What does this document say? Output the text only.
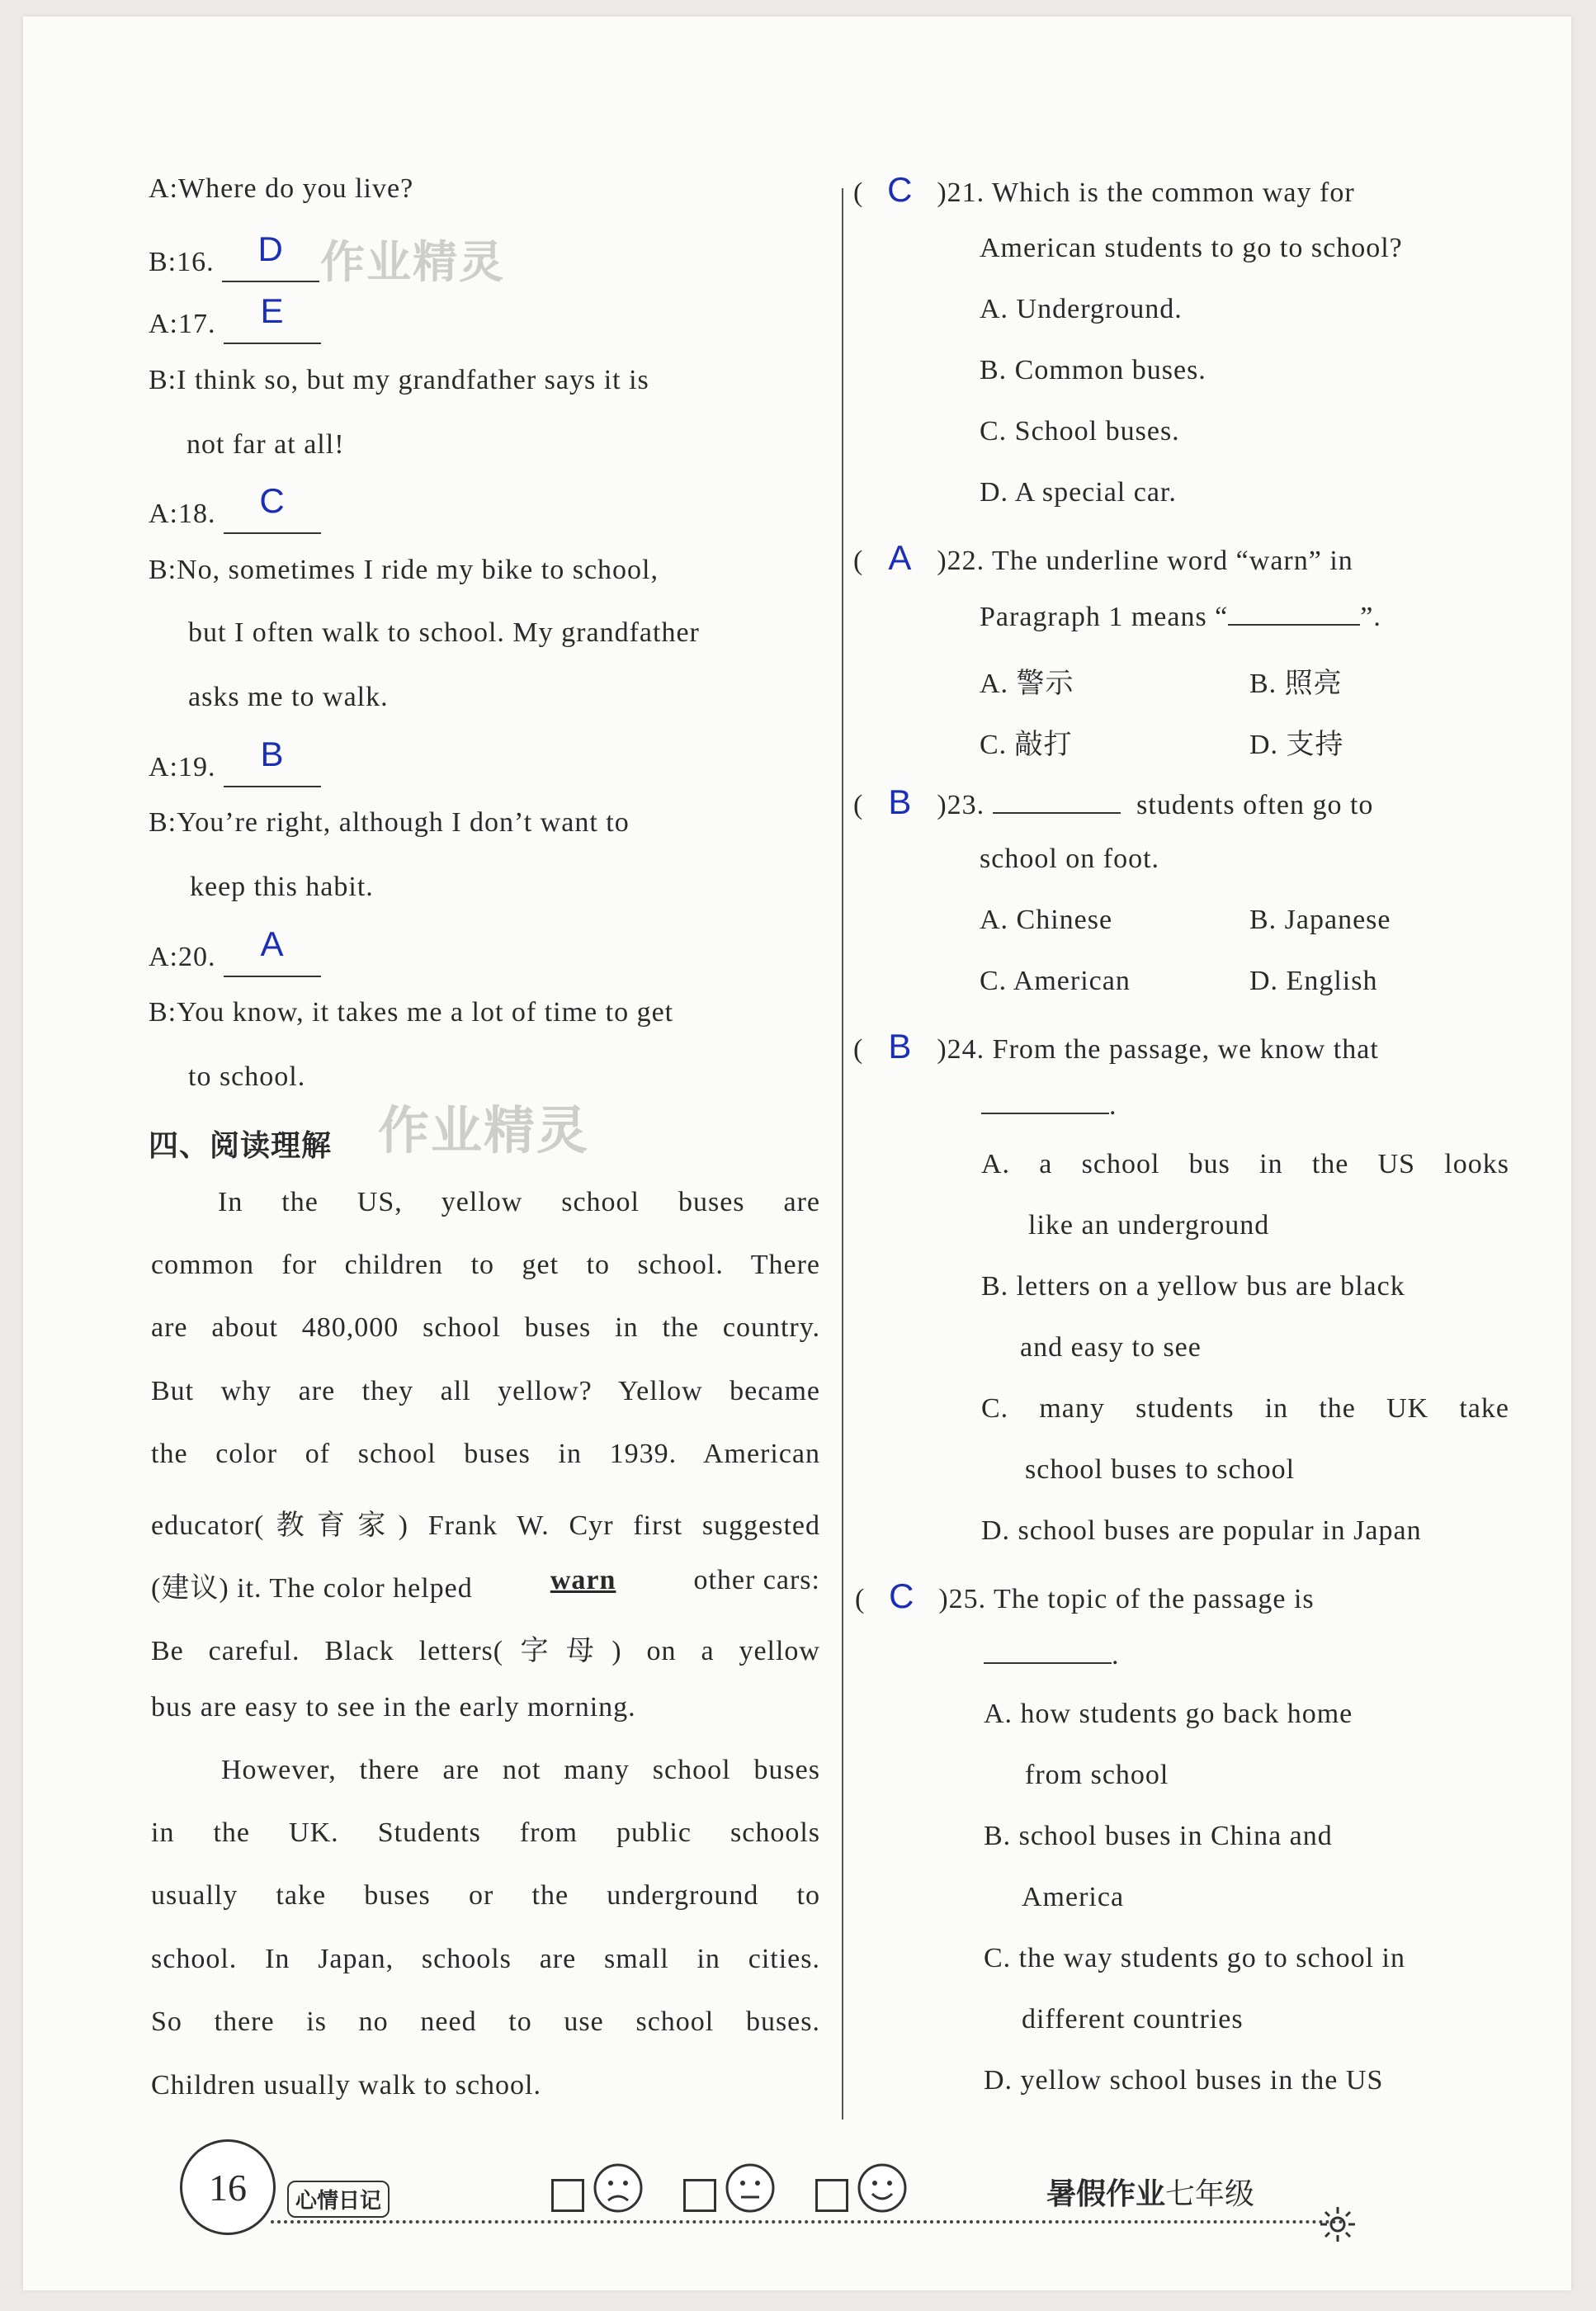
A:Where do you live?
B:16. D 作业精灵
A:17. E
B:I think so, but my grandfather says it is
not far at all!
A:18. C
B:No, sometimes I ride my bike to school,
but I often walk to school. My grandfather
asks me to walk.
A:19. B
B:You’re right, although I don’t want to
keep this habit.
A:20. A
B:You know, it takes me a lot of time to get
to school.
四、阅读理解 作业精灵
In the US, yellow school buses are
common for children to get to school. There
are about 480,000 school buses in the country.
But why are they all yellow? Yellow became
the color of school buses in 1939. American
educator(教育家) Frank W. Cyr first suggested
(建议) it. The color helped	warn	other cars:
Be careful. Black letters(字母) on a yellow
bus are easy to see in the early morning.
However, there are not many school buses
in the UK. Students from public schools
usually take buses or the underground to
school. In Japan, schools are small in cities.
So there is no need to use school buses.
Children usually walk to school.
( C )21. Which is the common way for
American students to go to school?
A. Underground.
B. Common buses.
C. School buses.
D. A special car.
( A )22. The underline word “warn” in
Paragraph 1 means “	”.
A. 警示	B. 照亮
C. 敲打	D. 支持
( B )23.	students often go to
school on foot.
A. Chinese	B. Japanese
C. American	D. English
( B )24. From the passage, we know that
.
A. a school bus in the US looks
like an underground
B. letters on a yellow bus are black
and easy to see
C. many students in the UK take
school buses to school
D. school buses are popular in Japan
( C )25. The topic of the passage is
.
A. how students go back home
from school
B. school buses in China and
America
C. the way students go to school in
different countries
D. yellow school buses in the US
16	心情日记	暑假作业七年级
